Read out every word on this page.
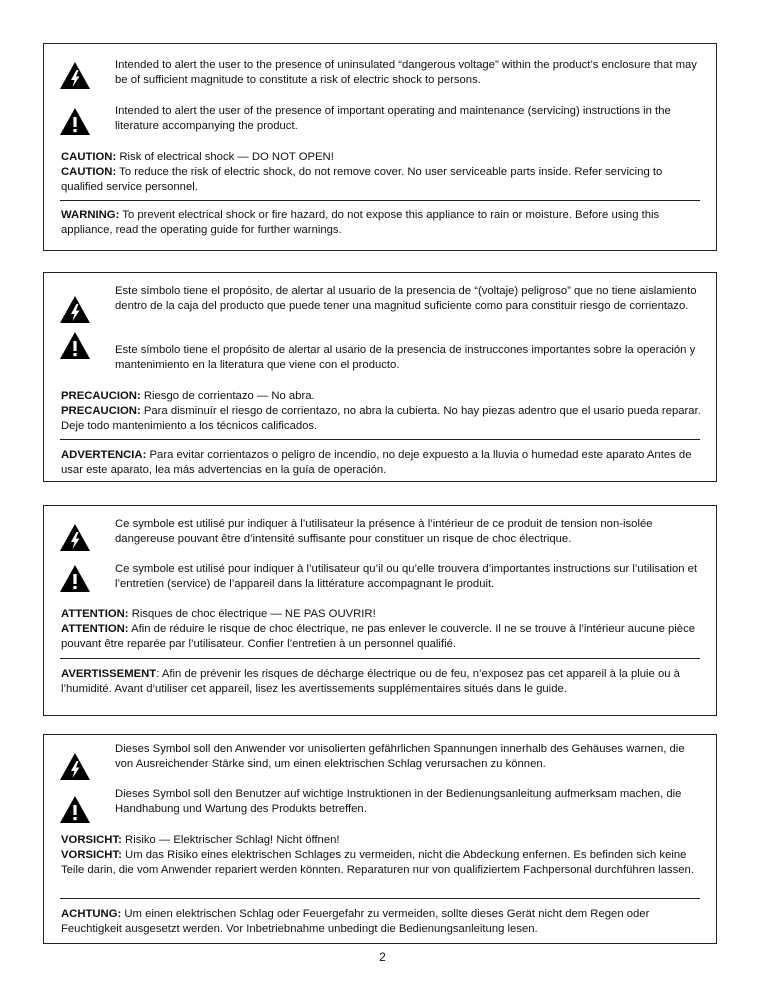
Intended to alert the user to the presence of uninsulated “dangerous voltage” within the product’s enclosure that may be of sufficient magnitude to constitute a risk of electric shock to persons.
Intended to alert the user of the presence of important operating and maintenance (servicing) instructions in the literature accompanying the product.
CAUTION: Risk of electrical shock — DO NOT OPEN!
CAUTION: To reduce the risk of electric shock, do not remove cover. No user serviceable parts inside. Refer servicing to qualified service personnel.
WARNING: To prevent electrical shock or fire hazard, do not expose this appliance to rain or moisture. Before using this appliance, read the operating guide for further warnings.
Este símbolo tiene el propósito, de alertar al usuario de la presencia de “(voltaje) peligroso” que no tiene aislamiento dentro de la caja del producto que puede tener una magnitud suficiente como para constituir riesgo de corrientazo.
Este símbolo tiene el propósito de alertar al usario de la presencia de instruccones importantes sobre la operación y mantenimiento en la literatura que viene con el producto.
PRECAUCION: Riesgo de corrientazo — No abra.
PRECAUCION: Para disminuír el riesgo de corrientazo, no abra la cubierta. No hay piezas adentro que el usario pueda reparar. Deje todo mantenimiento a los técnicos calificados.
ADVERTENCIA: Para evitar corrientazos o peligro de incendio, no deje expuesto a la lluvia o humedad este aparato Antes de usar este aparato, lea más advertencias en la guía de operación.
Ce symbole est utilisé pur indiquer à l’utilisateur la présence à l’intérieur de ce produit de tension non-isolée dangereuse pouvant être d’intensité suffisante pour constituer un risque de choc électrique.
Ce symbole est utilisé pour indiquer à l’utilisateur qu’il ou qu’elle trouvera d’importantes instructions sur l’utilisation et l’entretien (service) de l’appareil dans la littérature accompagnant le produit.
ATTENTION: Risques de choc électrique — NE PAS OUVRIR!
ATTENTION: Afin de réduire le risque de choc électrique, ne pas enlever le couvercle. Il ne se trouve à l’intérieur aucune pièce pouvant être reparée par l’utilisateur. Confier l’entretien à un personnel qualifié.
AVERTISSEMENT: Afin de prévenir les risques de décharge électrique ou de feu, n’exposez pas cet appareil à la pluie ou à l’humidité. Avant d’utiliser cet appareil, lisez les avertissements supplémentaires situés dans le guide.
Dieses Symbol soll den Anwender vor unisolierten gefährlichen Spannungen innerhalb des Gehäuses warnen, die von Ausreichender Stärke sind, um einen elektrischen Schlag verursachen zu können.
Dieses Symbol soll den Benutzer auf wichtige Instruktionen in der Bedienungsanleitung aufmerksam machen, die Handhabung und Wartung des Produkts betreffen.
VORSICHT: Risiko — Elektrischer Schlag! Nicht öffnen!
VORSICHT: Um das Risiko eines elektrischen Schlages zu vermeiden, nicht die Abdeckung enfernen. Es befinden sich keine Teile darin, die vom Anwender repariert werden könnten. Reparaturen nur von qualifiziertem Fachpersonal durchführen lassen.
ACHTUNG: Um einen elektrischen Schlag oder Feuergefahr zu vermeiden, sollte dieses Gerät nicht dem Regen oder Feuchtigkeit ausgesetzt werden. Vor Inbetriebnahme unbedingt die Bedienungsanleitung lesen.
2
